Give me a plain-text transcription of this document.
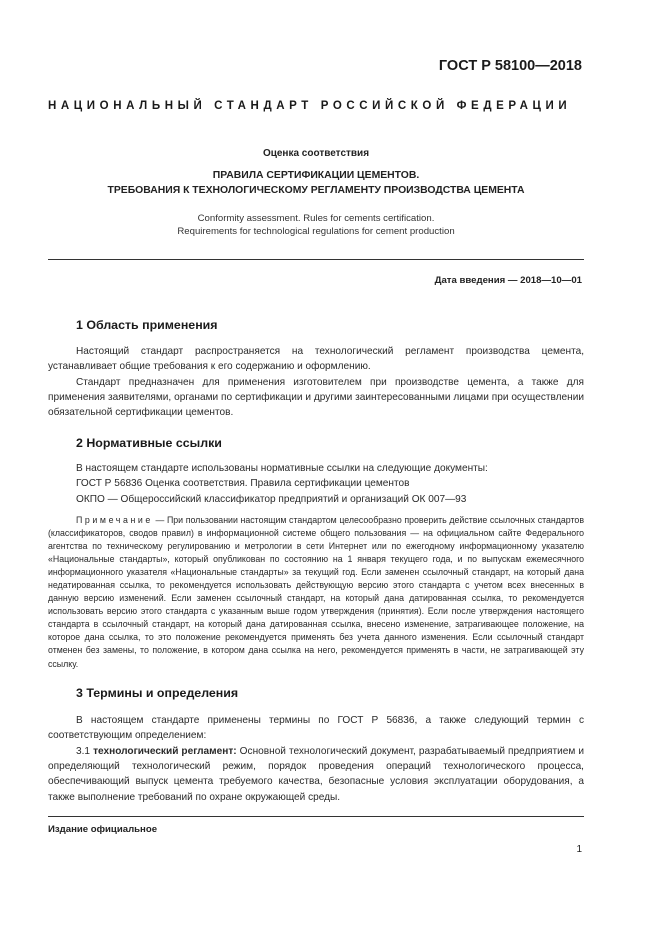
ГОСТ Р 58100—2018
НАЦИОНАЛЬНЫЙ СТАНДАРТ РОССИЙСКОЙ ФЕДЕРАЦИИ
Оценка соответствия
ПРАВИЛА СЕРТИФИКАЦИИ ЦЕМЕНТОВ.
ТРЕБОВАНИЯ К ТЕХНОЛОГИЧЕСКОМУ РЕГЛАМЕНТУ ПРОИЗВОДСТВА ЦЕМЕНТА
Conformity assessment. Rules for cements certification.
Requirements for technological regulations for cement production
Дата введения — 2018—10—01
1 Область применения
Настоящий стандарт распространяется на технологический регламент производства цемента, устанавливает общие требования к его содержанию и оформлению.
Стандарт предназначен для применения изготовителем при производстве цемента, а также для применения заявителями, органами по сертификации и другими заинтересованными лицами при осуществлении обязательной сертификации цементов.
2 Нормативные ссылки
В настоящем стандарте использованы нормативные ссылки на следующие документы:
ГОСТ Р 56836 Оценка соответствия. Правила сертификации цементов
ОКПО — Общероссийский классификатор предприятий и организаций ОК 007—93
Примечание — При пользовании настоящим стандартом целесообразно проверить действие ссылочных стандартов (классификаторов, сводов правил) в информационной системе общего пользования — на официальном сайте Федерального агентства по техническому регулированию и метрологии в сети Интернет или по ежегодному информационному указателю «Национальные стандарты», который опубликован по состоянию на 1 января текущего года, и по выпускам ежемесячного информационного указателя «Национальные стандарты» за текущий год. Если заменен ссылочный стандарт, на который дана недатированная ссылка, то рекомендуется использовать действующую версию этого стандарта с учетом всех внесенных в данную версию изменений. Если заменен ссылочный стандарт, на который дана датированная ссылка, то рекомендуется использовать версию этого стандарта с указанным выше годом утверждения (принятия). Если после утверждения настоящего стандарта в ссылочный стандарт, на который дана датированная ссылка, внесено изменение, затрагивающее положение, на которое дана ссылка, то это положение рекомендуется применять без учета данного изменения. Если ссылочный стандарт отменен без замены, то положение, в котором дана ссылка на него, рекомендуется применять в части, не затрагивающей эту ссылку.
3 Термины и определения
В настоящем стандарте применены термины по ГОСТ Р 56836, а также следующий термин с соответствующим определением:
3.1 технологический регламент: Основной технологический документ, разрабатываемый предприятием и определяющий технологический режим, порядок проведения операций технологического процесса, обеспечивающий выпуск цемента требуемого качества, безопасные условия эксплуатации оборудования, а также выполнение требований по охране окружающей среды.
Издание официальное
1
